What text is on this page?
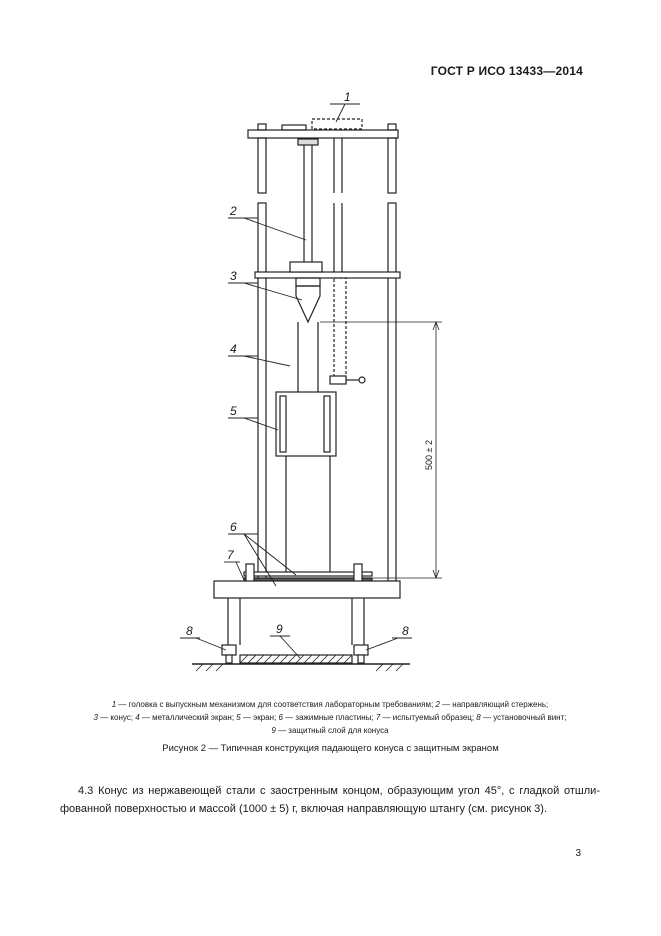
ГОСТ Р ИСО 13433—2014
1
2
3
4
5
6
7
8	9	8
500 ± 2
1 — головка с выпускным механизмом для соответствия лабораторным требованиям; 2 — направляющий стержень;
3 — конус; 4 — металлический экран; 5 — экран; 6 — зажимные пластины; 7 — испытуемый образец; 8 — установочный винт;
9 — защитный слой для конуса
Рисунок 2 — Типичная конструкция падающего конуса с защитным экраном
4.3 Конус из нержавеющей стали с заостренным концом, образующим угол 45°, с гладкой отшлифованной поверхностью и массой (1000 ± 5) г, включая направляющую штангу (см. рисунок 3).
3
